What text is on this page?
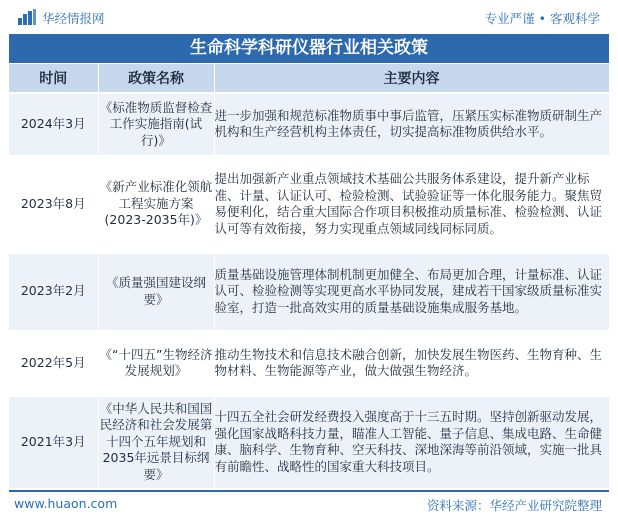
华经情报网	专业严谨 • 客观科学
生命科学科研仪器行业相关政策
时间	政策名称	主要内容
2024年3月	《标准物质监督检查工作实施指南(试行)》	进一步加强和规范标准物质事中事后监管，压紧压实标准物质研制生产机构和生产经营机构主体责任，切实提高标准物质供给水平。
2023年8月	《新产业标准化领航工程实施方案(2023-2035年)》	提出加强新产业重点领域技术基础公共服务体系建设，提升新产业标准、计量、认证认可、检验检测、试验验证等一体化服务能力。聚焦贸易便利化，结合重大国际合作项目积极推动质量标准、检验检测、认证认可等有效衔接，努力实现重点领域同线同标同质。
2023年2月	《质量强国建设纲要》	质量基础设施管理体制机制更加健全、布局更加合理，计量标准、认证认可、检验检测等实现更高水平协同发展，建成若干国家级质量标准实验室，打造一批高效实用的质量基础设施集成服务基地。
2022年5月	《“十四五”生物经济发展规划》	推动生物技术和信息技术融合创新，加快发展生物医药、生物育种、生物材料、生物能源等产业，做大做强生物经济。
2021年3月	《中华人民共和国国民经济和社会发展第十四个五年规划和2035年远景目标纲要》	十四五全社会研发经费投入强度高于十三五时期。坚持创新驱动发展，强化国家战略科技力量，瞄准人工智能、量子信息、集成电路、生命健康、脑科学、生物育种、空天科技、深地深海等前沿领域，实施一批具有前瞻性、战略性的国家重大科技项目。
www.huaon.com	资料来源：华经产业研究院整理
